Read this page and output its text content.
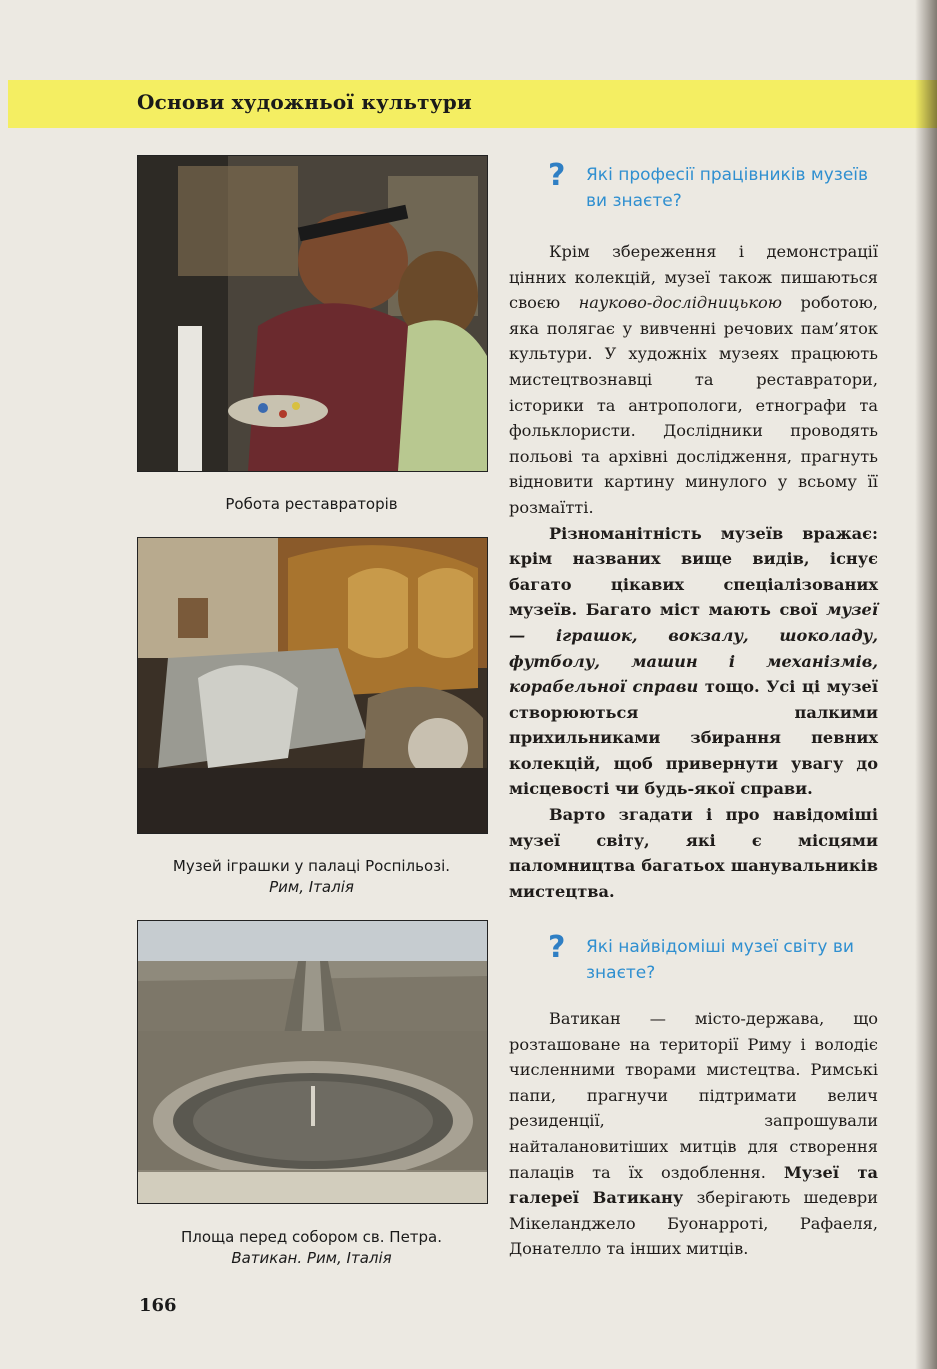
Основи художньої культури
Робота реставраторів
Музей іграшки у палаці Роспільозі.
Рим, Італія
Площа перед собором св. Петра.
Ватикан. Рим, Італія
? Які професії працівників музеїв ви знаєте?

Крім збереження і демонстрації цінних колекцій, музеї також пишаються своєю науково-дослідницькою роботою, яка полягає у вивченні речових пам’яток культури. У художніх музеях працюють мистецтвознавці та реставратори, історики та антропологи, етнографи та фольклористи. Дослідники проводять польові та архівні дослідження, прагнуть відновити картину минулого у всьому її розмаїтті.

Різноманітність музеїв вражає: крім названих вище видів, існує багато цікавих спеціалізованих музеїв. Багато міст мають свої музеї — іграшок, вокзалу, шоколаду, футболу, машин і механізмів, корабельної справи тощо. Усі ці музеї створюються палкими прихильниками збирання певних колекцій, щоб привернути увагу до місцевості чи будь-якої справи.

Варто згадати і про навідоміші музеї світу, які є місцями паломництва багатьох шанувальників мистецтва.

? Які найвідоміші музеї світу ви знаєте?

Ватикан — місто-держава, що розташоване на території Риму і володіє численними творами мистецтва. Римські папи, прагнучи підтримати велич резиденції, запрошували найталановитіших митців для створення палаців та їх оздоблення. Музеї та галереї Ватикану зберігають шедеври Мікеланджело Буонарроті, Рафаеля, Донателло та інших митців.

166
